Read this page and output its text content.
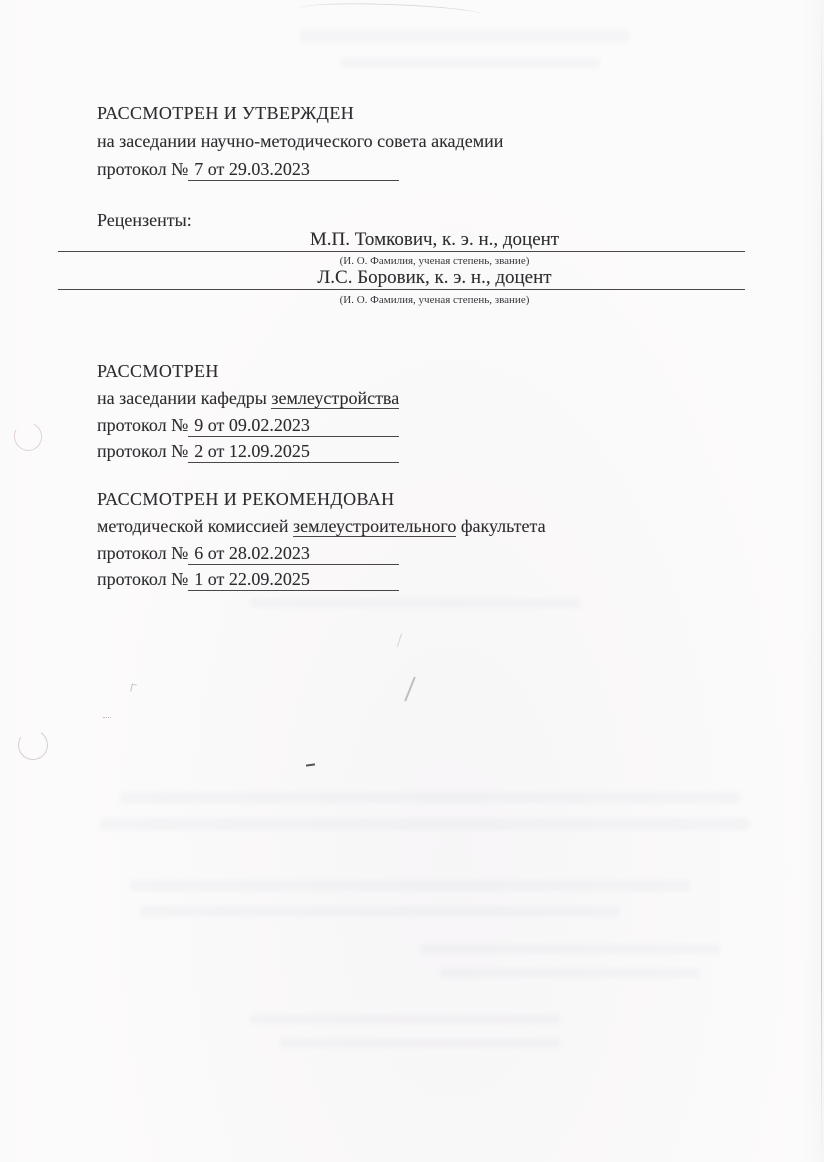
РАССМОТРЕН И УТВЕРЖДЕН
на заседании научно-методического совета академии
протокол № 7 от 29.03.2023
Рецензенты:
М.П. Томкович, к. э. н., доцент
(И. О. Фамилия, ученая степень, звание)
Л.С. Боровик, к. э. н., доцент
(И. О. Фамилия, ученая степень, звание)
РАССМОТРЕН
на заседании кафедры землеустройства
протокол № 9 от 09.02.2023
протокол № 2 от 12.09.2025
РАССМОТРЕН И РЕКОМЕНДОВАН
методической комиссией землеустроительного факультета
протокол № 6 от 28.02.2023
протокол № 1 от 22.09.2025
